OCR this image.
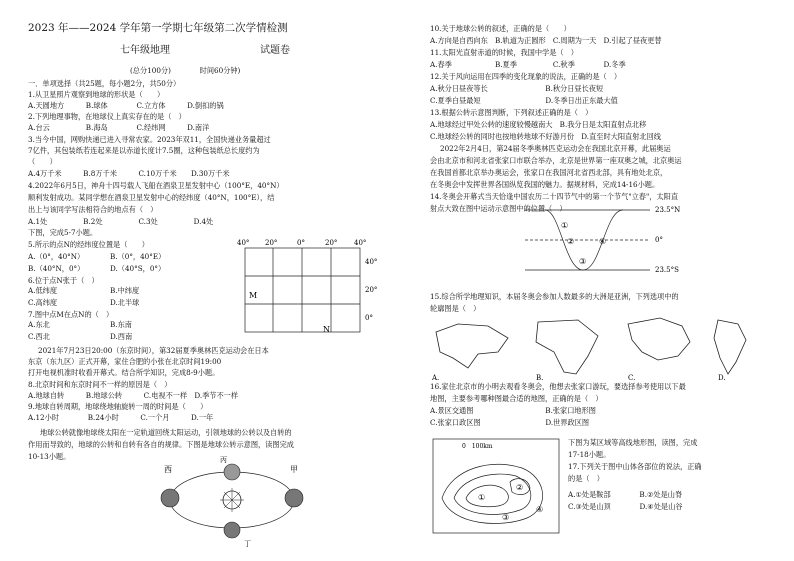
2023 年——2024 学年第一学期七年级第二次学情检测
七年级地理	试题卷
(总分100分)　　　　时间60分钟)
一．单项选择（共25题，每小题2分，共50分）
1.从卫星照片观察到地球的形状是（　　）
A.天圆地方　　　B.球体　　　　C.立方体　　　D.倒扣的锅
2.下列地理事物，在地球仪上真实存在的是（　）
A.台云　　　　　B.海岛　　　　C.经纬网　　　D.南洋
3.当今中国，网购快递已进入寻常农家。2023年双11，全国快递业务量超过
7亿件，其包装纸若连起来是以赤道长度计7.5圈，这种包装纸总长度约为
（　　）
A.4万千米　　　B.8万千米　　　C.10万千米　　D.30万千米
4.2022年6月5日，神舟十四号载人飞船在酒泉卫星发射中心（100°E，40°N）
顺利发射成功。某同学想在酒泉卫星发射中心的经纬度（40°N，100°E），结
出上与该同学写法相符合的地点有（　）
A.1处　　　　　B.2处　　　　　C.3处　　　　　D.4处
下图，完成5-7小题。
5.所示的点N的经纬度位置是（　　）
A.（0°，40°N）
B.（40°N，0°）
6.位于点N张于（　）
A.低纬度
C.高纬度
7.图中点M在点N的（　）
A.东北
C.西北
2021年7月23日20:00（东京时间），第32届夏季奥林匹克运动会在日本
东京（东九区）正式开幕，家住合肥的小张在北京时间19:00
打开电视机准时收看开幕式。结合所学知识，完成8-9小题。
8.北京时间和东京时间不一样的原因是（　）
A.地球自转　　　B.地球公转　　　C.电视不一样　D.季节不一样
9.地球自转周期，地球绕地轴旋转一周的时间是（　　）
A.12小时　　　　B.24小时　　　C.一个月　　　D.一年
地球公转就像地球绕太阳在一定轨道回绕太阳运动，引领地球的公转以及自转的
作用而导致的，地球的公转和自转有各自的规律。下图是地球公转示意图，读图完成
10-13小题。
B.（0°，40°E）
D.（40°S，0°）
B.中纬度
D.北半球
B.东南
D.西南
40° 20°	0°	20° 40°
40°
20°
0°
M
N
西	甲
丙
丁
10.关于地球公转的叙述，正确的是（　　）
A.方向是自西向东　B.轨道为正圆形　C.周期为一天　D.引起了昼夜更替
11.太阳光直射赤道的时候，我国中学是（　）
A.春季　　　　　　B.夏季　　　　　C.秋季　　　　D.冬季
12.关于风向运用在四季的变化现象的说法，正确的是（　）
A.秋分日昼夜等长　　　　　　　　B.秋分日昼长夜短
C.夏季白昼最短　　　　　　　　　D.冬季日出正东最大值
13.根据公转示意图判断，下列叙述正确的是（　）
A.地球经过甲处公转的速度较慢越南大　B.我分日是太阳直射点北移
C.地球经公转的同时也按地转地球不好游月份　D.直至时大阳直射北回线
2022年2月4日，第24届冬季奥林匹克运动会在我国北京开幕，此届奥运
会由北京市和河北省张家口市联合举办，北京是世界第一座双奥之城，北京奥运
在我国首都北京举办奥运会，张家口在我国河北省西北部，具有地处北京，
在冬奥会中发挥世界各国纵览我国的魅力。据规材料，完成14-16小题。
14.冬奥会开幕式当天恰逢中国农历二十四节气中的第一个节气"立春"，太阳直
射点大致在图中运动示意图中的位置（　）
15.综合所学地理知识，本届冬奥会参加人数最多的大洲是亚洲，下列选项中的
轮廓图是（　）
16.家住北京市的小明去观看冬奥会，他想去张家口游玩，要选择参考使用以下最
地图，主要参考哪种图最合适的地图，正确的是（　）
A.景区交通图　　　　　　　　　　B.张家口地形图
C.张家口政区图　　　　　　　　　D.世界政区图
下图为某区域等高线地形图，读图，完成
17-18小题。
17.下列关于图中山体各部位的说法，正确
的是（　）
A.①处是鞍部　　　　B.②处是山脊
C.③处是山顶　　　　D.④处是山谷
23.5°N
0°
23.5°S
①
②
③
④
A.	B.	C.	D.
0　100km
①
②
③
④
